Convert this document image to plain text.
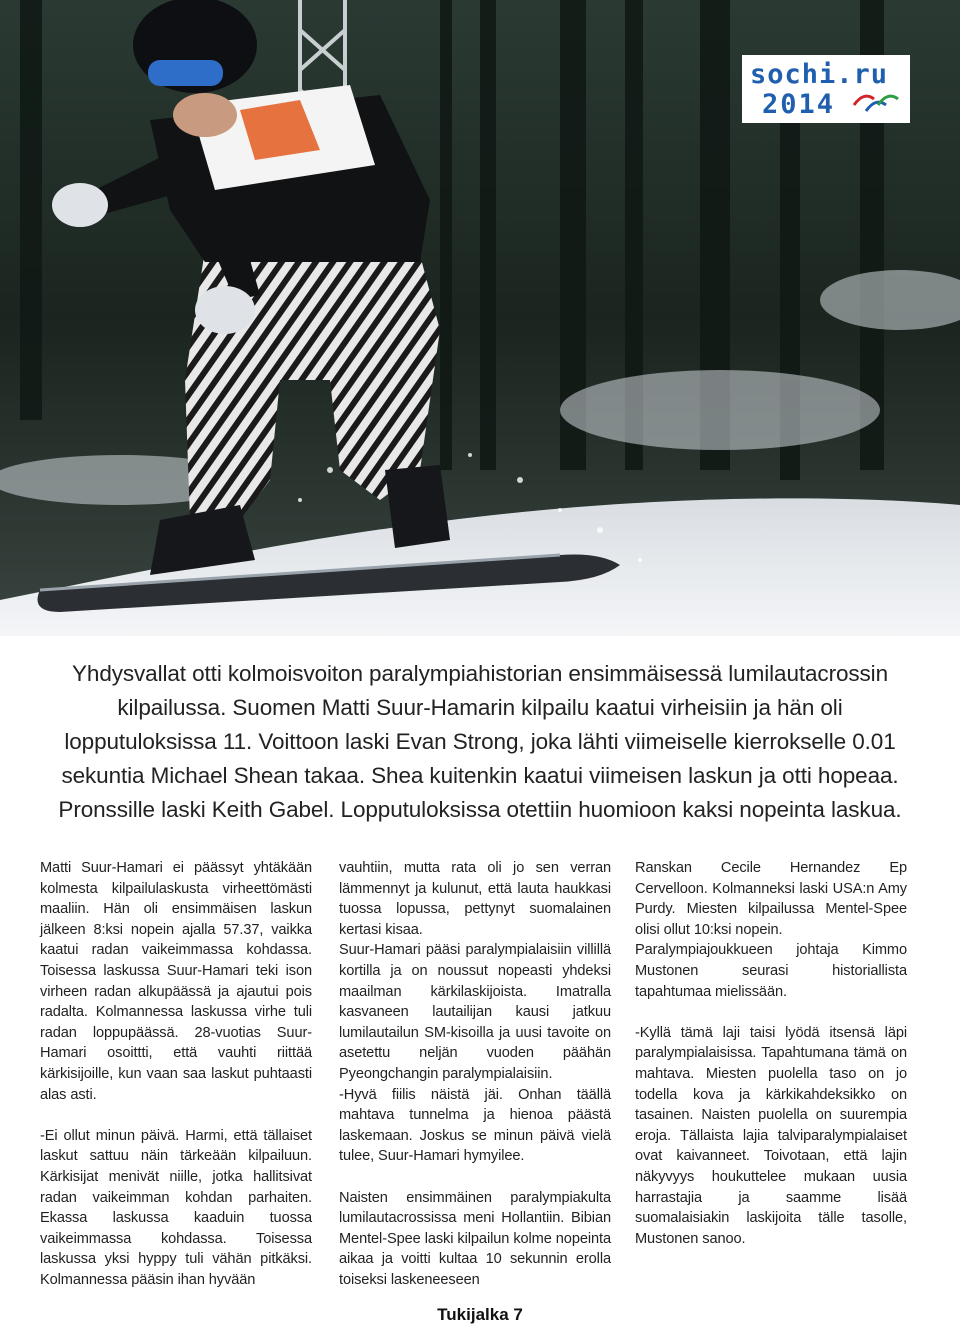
sochi.ru
2014

Yhdysvallat otti kolmoisvoiton paralympiahistorian ensimmäisessä lumilautacrossin kilpailussa. Suomen Matti Suur-Hamarin kilpailu kaatui virheisiin ja hän oli lopputuloksissa 11. Voittoon laski Evan Strong, joka lähti viimeiselle kierrokselle 0.01 sekuntia Michael Shean takaa. Shea kuitenkin kaatui viimeisen laskun ja otti hopeaa. Pronssille laski Keith Gabel. Lopputuloksissa otettiin huomioon kaksi nopeinta laskua.

Matti Suur-Hamari ei päässyt yhtäkään kolmesta kilpailulaskusta virheettömästi maaliin. Hän oli ensimmäisen laskun jälkeen 8:ksi nopein ajalla 57.37, vaikka kaatui radan vaikeimmassa kohdassa. Toisessa laskussa Suur-Hamari teki ison virheen radan alkupäässä ja ajautui pois radalta. Kolmannessa laskussa virhe tuli radan loppupäässä. 28-vuotias Suur-Hamari osoittti, että vauhti riittää kärkisijoille, kun vaan saa laskut puhtaasti alas asti.

-Ei ollut minun päivä. Harmi, että tällaiset laskut sattuu näin tärkeään kilpailuun. Kärkisijat menivät niille, jotka hallitsivat radan vaikeimman kohdan parhaiten. Ekassa laskussa kaaduin tuossa vaikeimmassa kohdassa. Toisessa laskussa yksi hyppy tuli vähän pitkäksi. Kolmannessa pääsin ihan hyvään

vauhtiin, mutta rata oli jo sen verran lämmennyt ja kulunut, että lauta haukkasi tuossa lopussa, pettynyt suomalainen kertasi kisaa.

Suur-Hamari pääsi paralympialaisiin villillä kortilla ja on noussut nopeasti yhdeksi maailman kärkilaskijoista. Imatralla kasvaneen lautailijan kausi jatkuu lumilautailun SM-kisoilla ja uusi tavoite on asetettu neljän vuoden päähän Pyeongchangin paralympialaisiin.

-Hyvä fiilis näistä jäi. Onhan täällä mahtava tunnelma ja hienoa päästä laskemaan. Joskus se minun päivä vielä tulee, Suur-Hamari hymyilee.

Naisten ensimmäinen paralympiakulta lumilautacrossissa meni Hollantiin. Bibian Mentel-Spee laski kilpailun kolme nopeinta aikaa ja voitti kultaa 10 sekunnin erolla toiseksi laskeneeseen

Ranskan Cecile Hernandez Ep Cervelloon. Kolmanneksi laski USA:n Amy Purdy. Miesten kilpailussa Mentel-Spee olisi ollut 10:ksi nopein.

Paralympiajoukkueen johtaja Kimmo Mustonen seurasi historiallista tapahtumaa mielissään.

-Kyllä tämä laji taisi lyödä itsensä läpi paralympialaisissa. Tapahtumana tämä on mahtava. Miesten puolella taso on jo todella kova ja kärkikahdeksikko on tasainen. Naisten puolella on suurempia eroja. Tällaista lajia talviparalympialaiset ovat kaivanneet. Toivotaan, että lajin näkyvyys houkuttelee mukaan uusia harrastajia ja saamme lisää suomalaisiakin laskijoita tälle tasolle, Mustonen sanoo.

Tukijalka 7
